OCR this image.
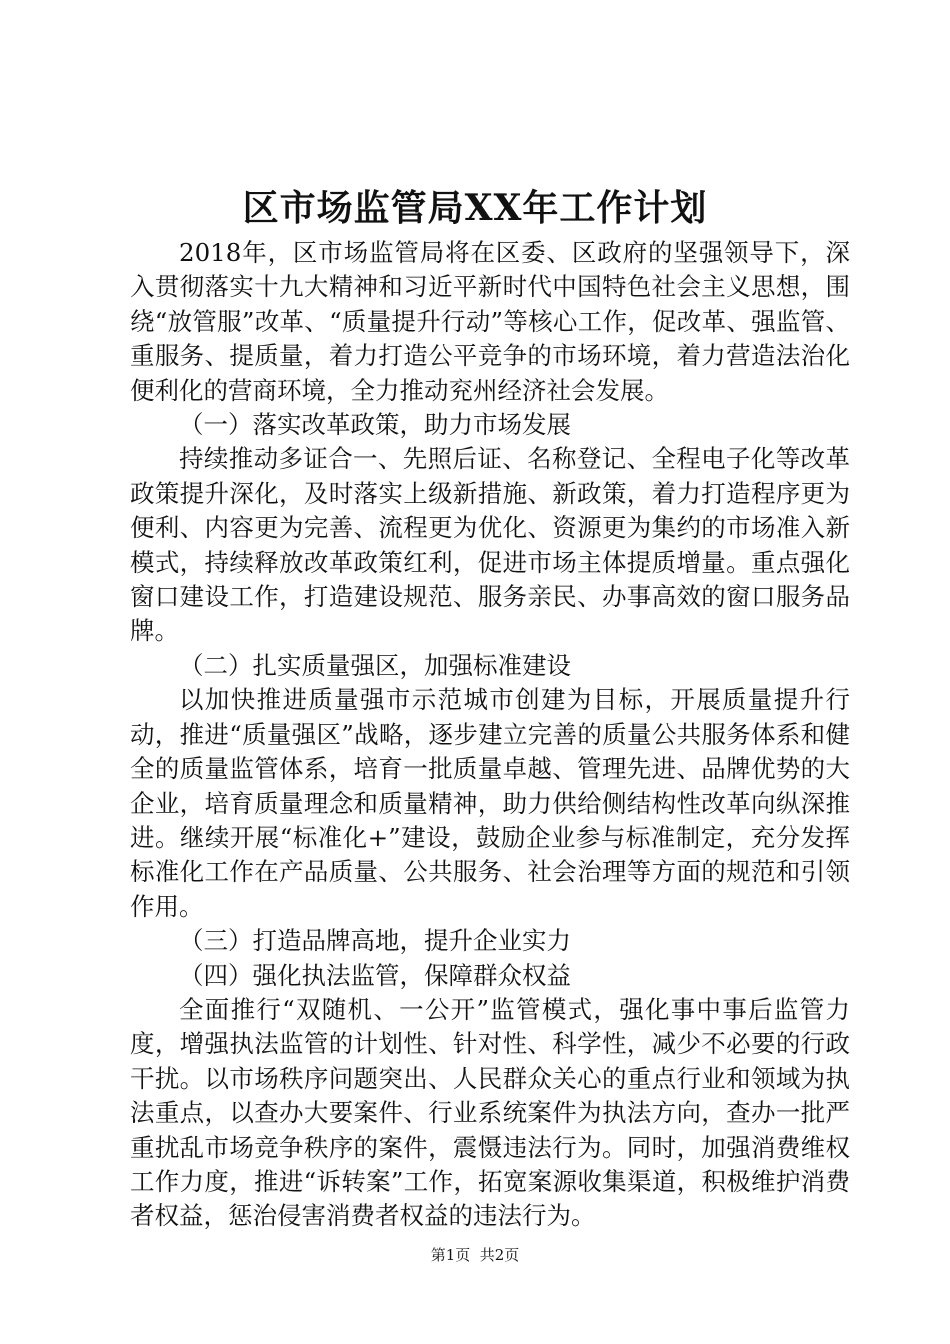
区市场监管局XX年工作计划

2018年，区市场监管局将在区委、区政府的坚强领导下，深入贯彻落实十九大精神和习近平新时代中国特色社会主义思想，围绕“放管服”改革、“质量提升行动”等核心工作，促改革、强监管、重服务、提质量，着力打造公平竞争的市场环境，着力营造法治化便利化的营商环境，全力推动兖州经济社会发展。

（一）落实改革政策，助力市场发展

持续推动多证合一、先照后证、名称登记、全程电子化等改革政策提升深化，及时落实上级新措施、新政策，着力打造程序更为便利、内容更为完善、流程更为优化、资源更为集约的市场准入新模式，持续释放改革政策红利，促进市场主体提质增量。重点强化窗口建设工作，打造建设规范、服务亲民、办事高效的窗口服务品牌。

（二）扎实质量强区，加强标准建设

以加快推进质量强市示范城市创建为目标，开展质量提升行动，推进“质量强区”战略，逐步建立完善的质量公共服务体系和健全的质量监管体系，培育一批质量卓越、管理先进、品牌优势的大企业，培育质量理念和质量精神，助力供给侧结构性改革向纵深推进。继续开展“标准化+”建设，鼓励企业参与标准制定，充分发挥标准化工作在产品质量、公共服务、社会治理等方面的规范和引领作用。

（三）打造品牌高地，提升企业实力

（四）强化执法监管，保障群众权益

全面推行“双随机、一公开”监管模式，强化事中事后监管力度，增强执法监管的计划性、针对性、科学性，减少不必要的行政干扰。以市场秩序问题突出、人民群众关心的重点行业和领域为执法重点，以查办大要案件、行业系统案件为执法方向，查办一批严重扰乱市场竞争秩序的案件，震慑违法行为。同时，加强消费维权工作力度，推进“诉转案”工作，拓宽案源收集渠道，积极维护消费者权益，惩治侵害消费者权益的违法行为。

第1页  共2页
